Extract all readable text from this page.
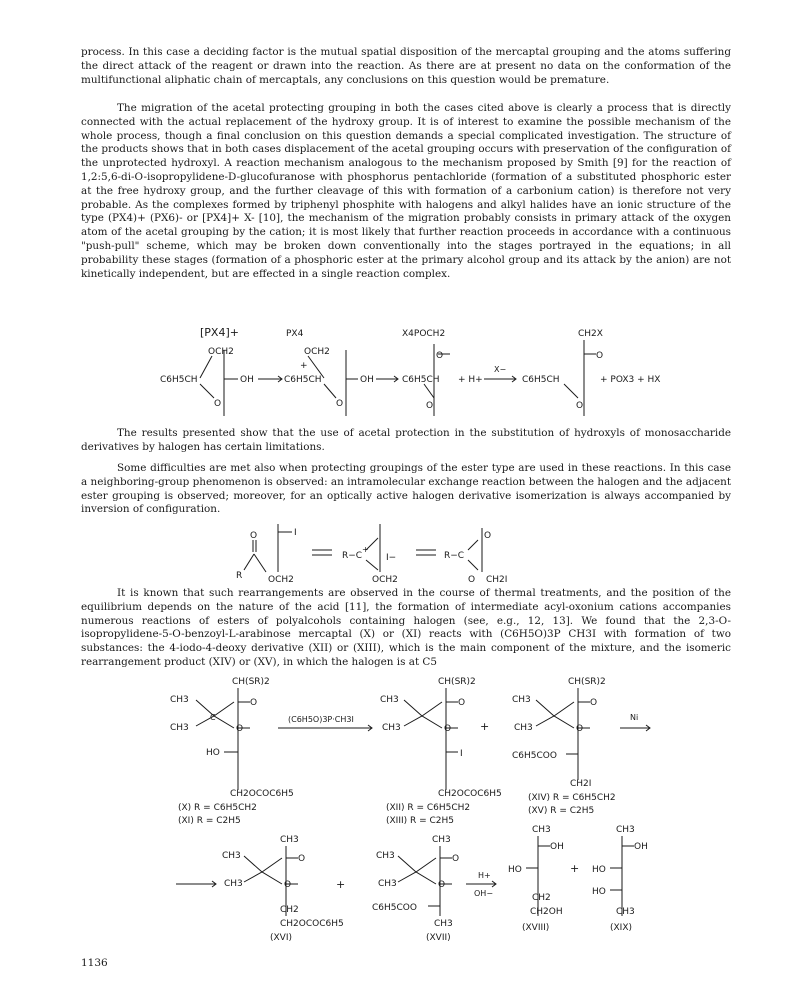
process. In this case a deciding factor is the mutual spatial disposition of the mercaptal grouping and the atoms suffering the direct attack of the reagent or drawn into the reaction. As there are at present no data on the conformation of the multifunctional aliphatic chain of mercaptals, any conclusions on this question would be premature.

The migration of the acetal protecting grouping in both the cases cited above is clearly a process that is directly connected with the actual replacement of the hydroxy group. It is of interest to examine the possible mechanism of the whole process, though a final conclusion on this question demands a special complicated investigation. The structure of the products shows that in both cases displacement of the acetal grouping occurs with preservation of the configuration of the unprotected hydroxyl. A reaction mechanism analogous to the mechanism proposed by Smith [9] for the reaction of 1,2:5,6-di-O-isopropylidene-D-glucofuranose with phosphorus pentachloride (formation of a substituted phosphoric ester at the free hydroxy group, and the further cleavage of this with formation of a carbonium cation) is therefore not very probable. As the complexes formed by triphenyl phosphite with halogens and alkyl halides have an ionic structure of the type (PX4)+ (PX6)- or [PX4]+ X- [10], the mechanism of the migration probably consists in primary attack of the oxygen atom of the acetal grouping by the cation; it is most likely that further reaction proceeds in accordance with a continuous "push-pull" scheme, which may be broken down conventionally into the stages portrayed in the equations; in all probability these stages (formation of a phosphoric ester at the primary alcohol group and its attack by the anion) are not kinetically independent, but are effected in a single reaction complex.

[PX4]+
C6H5CH
OCH2
O
OH
PX4
C6H5CH
+
OCH2
O
OH
X4POCH2
C6H5CH
O
O
+ H+
X−
CH2X
C6H5CH
O
O
+ POX3 + HX

The results presented show that the use of acetal protection in the substitution of hydroxyls of monosaccharide derivatives by halogen has certain limitations.

Some difficulties are met also when protecting groupings of the ester type are used in these reactions. In this case a neighboring-group phenomenon is observed: an intramolecular exchange reaction between the halogen and the adjacent ester grouping is observed; moreover, for an optically active halogen derivative isomerization is always accompanied by inversion of configuration.

O
R
I
OCH2
R−C
+
I−
OCH2
R−C
O
O CH2I

It is known that such rearrangements are observed in the course of thermal treatments, and the position of the equilibrium depends on the nature of the acid [11], the formation of intermediate acyl-oxonium cations accompanies numerous reactions of esters of polyalcohols containing halogen (see, e.g., 12, 13]. We found that the 2,3-O-isopropylidene-5-O-benzoyl-L-arabinose mercaptal (X) or (XI) reacts with (C6H5O)3P CH3I with formation of two substances: the 4-iodo-4-deoxy derivative (XII) or (XIII), which is the main component of the mixture, and the isomeric rearrangement product (XIV) or (XV), in which the halogen is at C5

CH(SR)2
O
O
CH3
CH3
C
HO
CH2OCOC6H5
(X) R = C6H5CH2
(XI) R = C2H5
(C6H5O)3P·CH3I
CH(SR)2
O
O
CH3
CH3
I
CH2OCOC6H5
(XII) R = C6H5CH2
(XIII) R = C2H5
+
CH(SR)2
O
O
CH3
CH3
C6H5COO
CH2I
(XIV) R = C6H5CH2
(XV) R = C2H5
Ni
CH3
O
O
CH3
CH3
CH2
CH2OCOC6H5
(XVI)
+
CH3
O
O
CH3
CH3
C6H5COO
CH3
(XVII)
H+
OH−
CH3
OH
HO
CH2
CH2OH
(XVIII)
+
CH3
OH
HO
HO
CH3
(XIX)
1136
